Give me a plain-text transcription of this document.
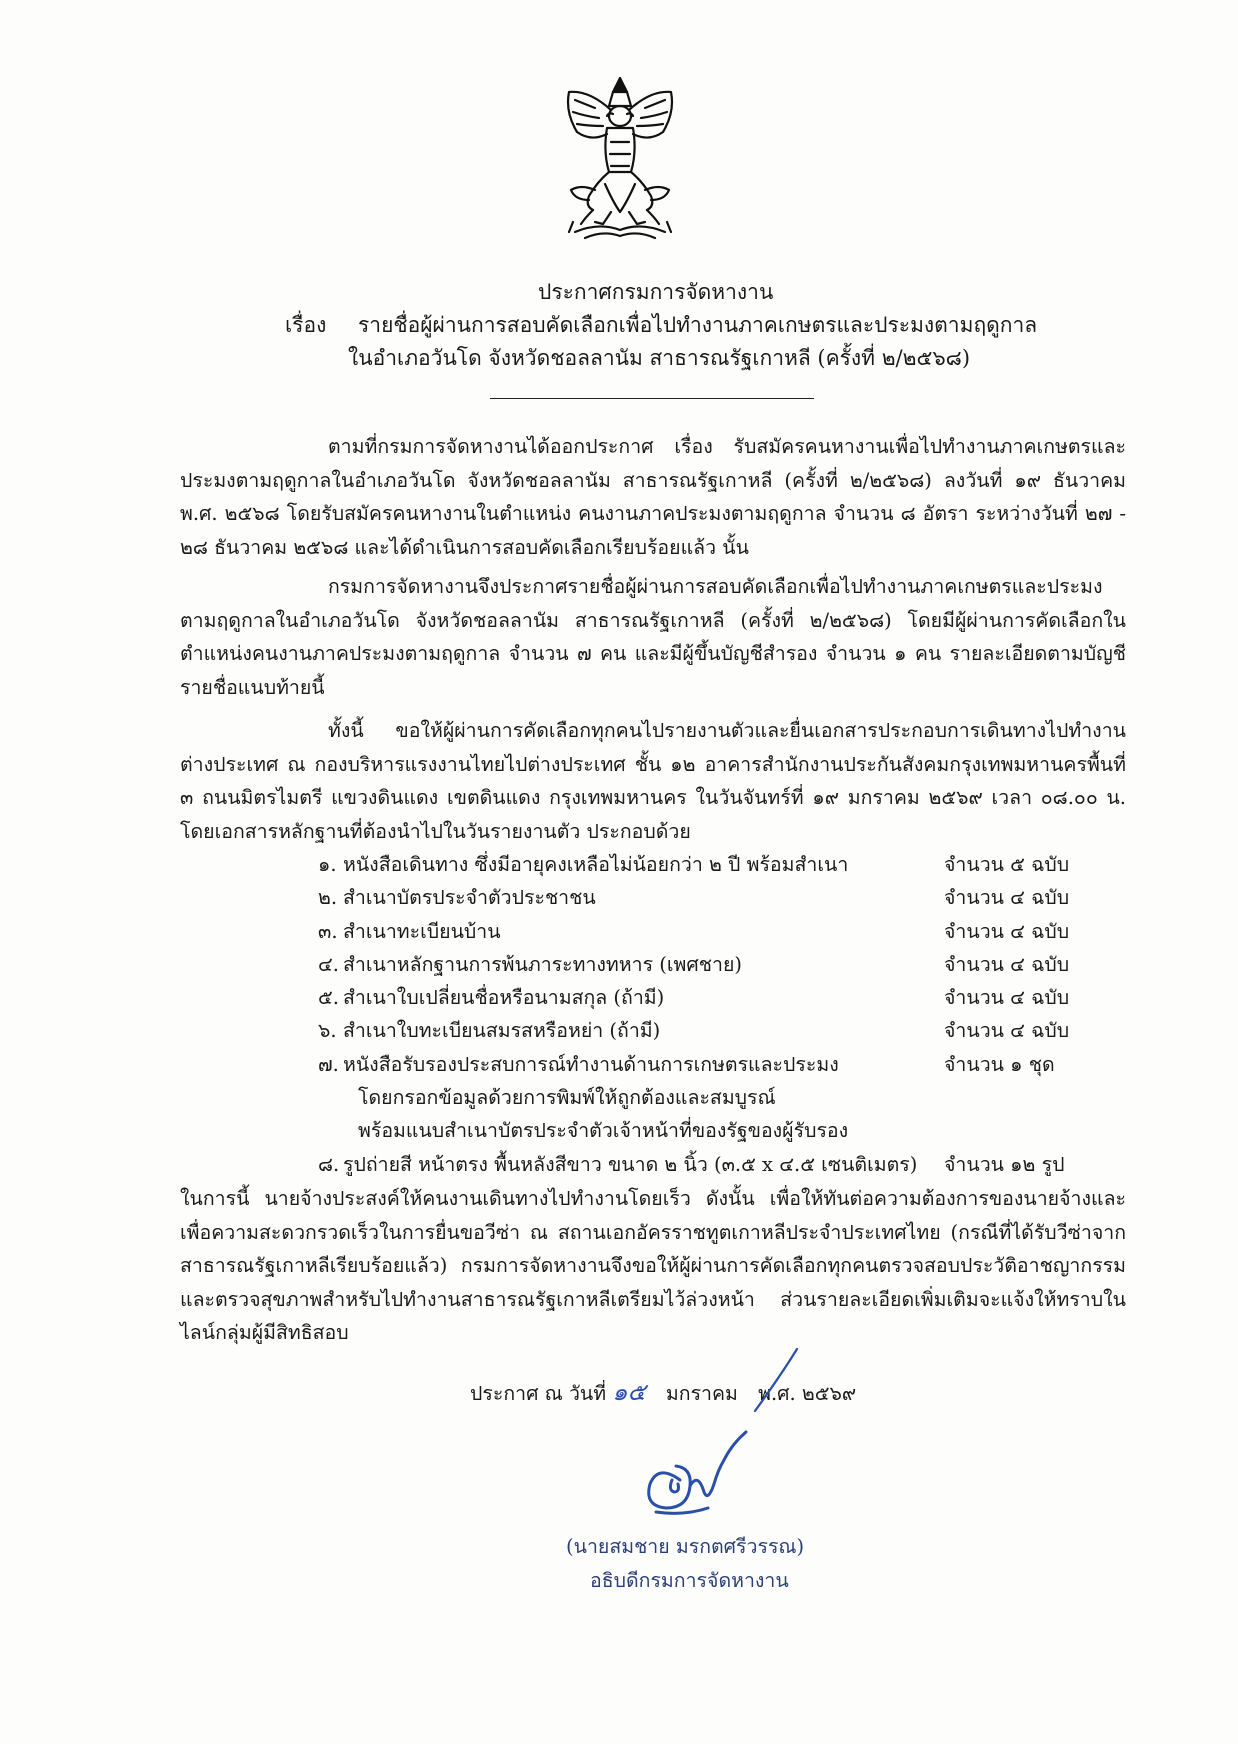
ประกาศกรมการจัดหางาน
เรื่อง รายชื่อผู้ผ่านการสอบคัดเลือกเพื่อไปทำงานภาคเกษตรและประมงตามฤดูกาล
ในอำเภอวันโด จังหวัดชอลลานัม สาธารณรัฐเกาหลี (ครั้งที่ ๒/๒๕๖๘)
ตามที่กรมการจัดหางานได้ออกประกาศ เรื่อง รับสมัครคนหางานเพื่อไปทำงานภาคเกษตรและประมงตามฤดูกาลในอำเภอวันโด จังหวัดชอลลานัม สาธารณรัฐเกาหลี (ครั้งที่ ๒/๒๕๖๘) ลงวันที่ ๑๙ ธันวาคม พ.ศ. ๒๕๖๘ โดยรับสมัครคนหางานในตำแหน่ง คนงานภาคประมงตามฤดูกาล จำนวน ๘ อัตรา ระหว่างวันที่ ๒๗ - ๒๘ ธันวาคม ๒๕๖๘ และได้ดำเนินการสอบคัดเลือกเรียบร้อยแล้ว นั้น
กรมการจัดหางานจึงประกาศรายชื่อผู้ผ่านการสอบคัดเลือกเพื่อไปทำงานภาคเกษตรและประมงตามฤดูกาลในอำเภอวันโด จังหวัดชอลลานัม สาธารณรัฐเกาหลี (ครั้งที่ ๒/๒๕๖๘) โดยมีผู้ผ่านการคัดเลือกในตำแหน่งคนงานภาคประมงตามฤดูกาล จำนวน ๗ คน และมีผู้ขึ้นบัญชีสำรอง จำนวน ๑ คน รายละเอียดตามบัญชีรายชื่อแนบท้ายนี้
ทั้งนี้ ขอให้ผู้ผ่านการคัดเลือกทุกคนไปรายงานตัวและยื่นเอกสารประกอบการเดินทางไปทำงานต่างประเทศ ณ กองบริหารแรงงานไทยไปต่างประเทศ ชั้น ๑๒ อาคารสำนักงานประกันสังคมกรุงเทพมหานครพื้นที่ ๓ ถนนมิตรไมตรี แขวงดินแดง เขตดินแดง กรุงเทพมหานคร ในวันจันทร์ที่ ๑๙ มกราคม ๒๕๖๙ เวลา ๐๘.๐๐ น. โดยเอกสารหลักฐานที่ต้องนำไปในวันรายงานตัว ประกอบด้วย
๑. หนังสือเดินทาง ซึ่งมีอายุคงเหลือไม่น้อยกว่า ๒ ปี พร้อมสำเนา	จำนวน ๕ ฉบับ
๒. สำเนาบัตรประจำตัวประชาชน	จำนวน ๔ ฉบับ
๓. สำเนาทะเบียนบ้าน	จำนวน ๔ ฉบับ
๔. สำเนาหลักฐานการพ้นภาระทางทหาร (เพศชาย)	จำนวน ๔ ฉบับ
๕. สำเนาใบเปลี่ยนชื่อหรือนามสกุล (ถ้ามี)	จำนวน ๔ ฉบับ
๖. สำเนาใบทะเบียนสมรสหรือหย่า (ถ้ามี)	จำนวน ๔ ฉบับ
๗. หนังสือรับรองประสบการณ์ทำงานด้านการเกษตรและประมง	จำนวน ๑ ชุด
โดยกรอกข้อมูลด้วยการพิมพ์ให้ถูกต้องและสมบูรณ์
พร้อมแนบสำเนาบัตรประจำตัวเจ้าหน้าที่ของรัฐของผู้รับรอง
๘. รูปถ่ายสี หน้าตรง พื้นหลังสีขาว ขนาด ๒ นิ้ว (๓.๕ x ๔.๕ เซนติเมตร) จำนวน ๑๒ รูป
ในการนี้ นายจ้างประสงค์ให้คนงานเดินทางไปทำงานโดยเร็ว ดังนั้น เพื่อให้ทันต่อความต้องการของนายจ้างและเพื่อความสะดวกรวดเร็วในการยื่นขอวีซ่า ณ สถานเอกอัครราชทูตเกาหลีประจำประเทศไทย (กรณีที่ได้รับวีซ่าจากสาธารณรัฐเกาหลีเรียบร้อยแล้ว) กรมการจัดหางานจึงขอให้ผู้ผ่านการคัดเลือกทุกคนตรวจสอบประวัติอาชญากรรม และตรวจสุขภาพสำหรับไปทำงานสาธารณรัฐเกาหลีเตรียมไว้ล่วงหน้า ส่วนรายละเอียดเพิ่มเติมจะแจ้งให้ทราบในไลน์กลุ่มผู้มีสิทธิสอบ
ประกาศ ณ วันที่ ๑๕ มกราคม พ.ศ. ๒๕๖๙
(นายสมชาย มรกตศรีวรรณ)
อธิบดีกรมการจัดหางาน
